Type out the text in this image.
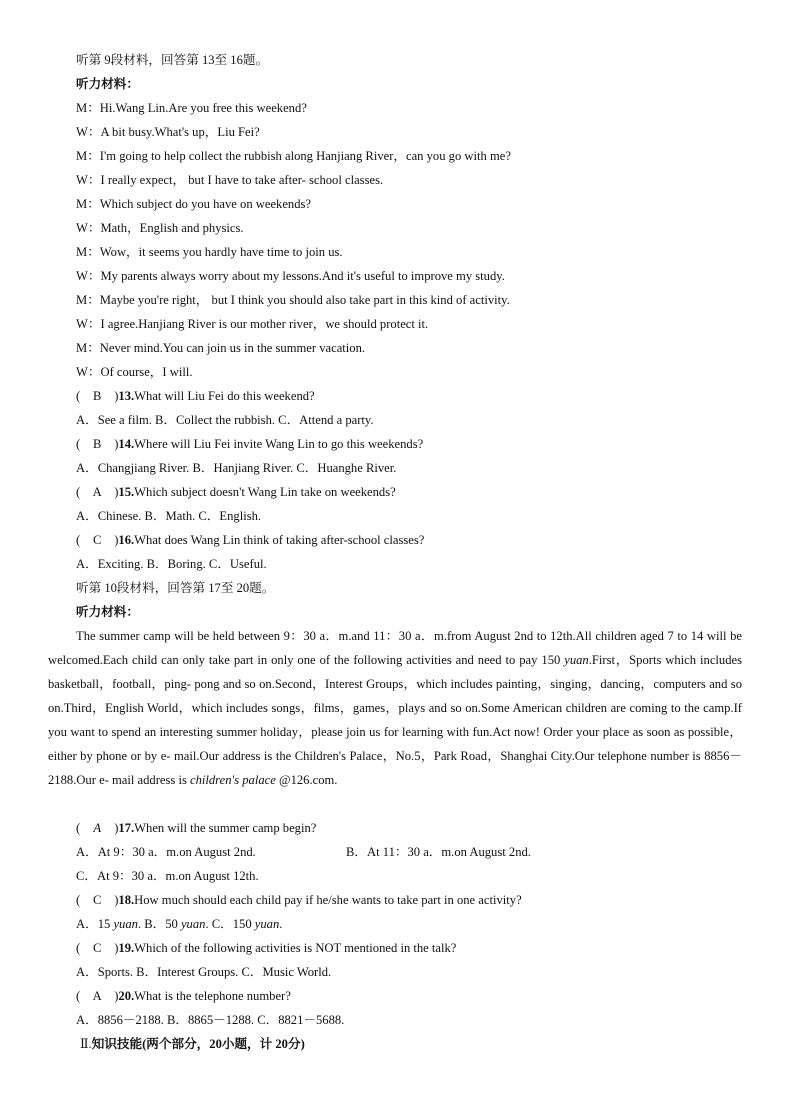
听第 9段材料，回答第 13至 16题。
听力材料：
M：Hi.Wang Lin.Are you free this weekend?
W：A bit busy.What's up，Liu Fei?
M：I'm going to help collect the rubbish along Hanjiang River，can you go with me?
W：I really expect， but I have to take after- school classes.
M：Which subject do you have on weekends?
W：Math，English and physics.
M：Wow，it seems you hardly have time to join us.
W：My parents always worry about my lessons.And it's useful to improve my study.
M：Maybe you're right， but I think you should also take part in this kind of activity.
W：I agree.Hanjiang River is our mother river，we should protect it.
M：Never mind.You can join us in the summer vacation.
W：Of course，I will.
( B )13.What will Liu Fei do this weekend?
A．See a film. B．Collect the rubbish. C．Attend a party.
( B )14.Where will Liu Fei invite Wang Lin to go this weekends?
A．Changjiang River. B．Hanjiang River. C．Huanghe River.
( A )15.Which subject doesn't Wang Lin take on weekends?
A．Chinese. B．Math. C．English.
( C )16.What does Wang Lin think of taking after-school classes?
A．Exciting. B．Boring. C．Useful.
听第 10段材料，回答第 17至 20题。
听力材料：
The summer camp will be held between 9：30 a．m.and 11：30 a．m.from August 2nd to 12th.All children aged 7 to 14 will be welcomed.Each child can only take part in only one of the following activities and need to pay 150 yuan.First，Sports which includes basketball，football，ping- pong and so on.Second，Interest Groups，which includes painting，singing，dancing，computers and so on.Third，English World，which includes songs，films，games，plays and so on.Some American children are coming to the camp.If you want to spend an interesting summer holiday，please join us for learning with fun.Act now! Order your place as soon as possible，either by phone or by e- mail.Our address is the Children's Palace，No.5，Park Road，Shanghai City.Our telephone number is 8856－2188.Our e- mail address is children's palace @126.com.
( A )17.When will the summer camp begin?
A．At 9：30 a．m.on August 2nd.	B．At 11：30 a．m.on August 2nd.
C．At 9：30 a．m.on August 12th.
( C )18.How much should each child pay if he/she wants to take part in one activity?
A．15 yuan. B．50 yuan. C．150 yuan.
( C )19.Which of the following activities is NOT mentioned in the talk?
A．Sports. B．Interest Groups. C．Music World.
( A )20.What is the telephone number?
A．8856－2188. B．8865－1288. C．8821－5688.
Ⅱ.知识技能(两个部分，20小题，计 20分)
